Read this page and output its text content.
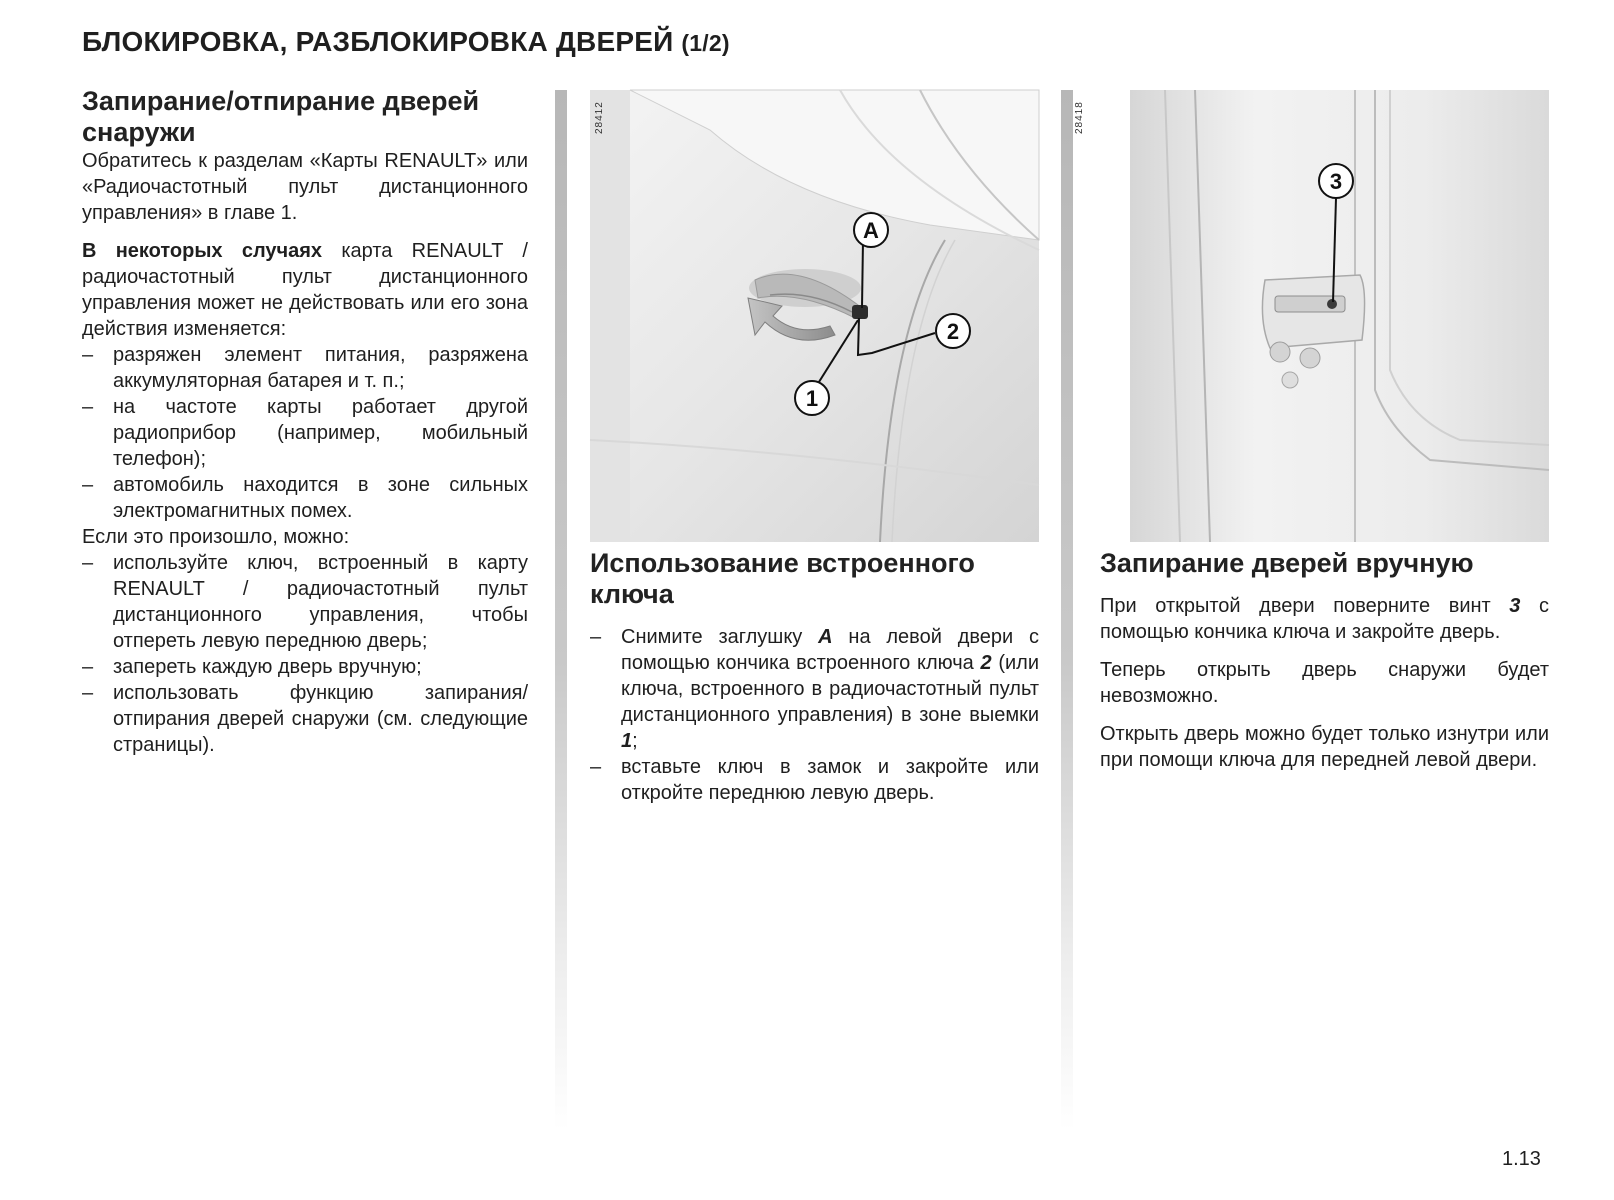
БЛОКИРОВКА, РАЗБЛОКИРОВКА ДВЕРЕЙ (1/2)
Запирание/отпирание дверей снаружи

Обратитесь к разделам «Карты RENAULT» или «Радиочастотный пульт дистанционного управления» в главе 1.

В некоторых случаях карта RENAULT / радиочастотный пульт дистанционного управления может не действовать или его зона действия изменяется:

– разряжен элемент питания, разряжена аккумуляторная батарея и т. п.;
– на частоте карты работает другой радиоприбор (например, мобильный телефон);
– автомобиль находится в зоне сильных электромагнитных помех.

Если это произошло, можно:

– используйте ключ, встроенный в карту RENAULT / радиочастотный пульт дистанционного управления, чтобы отпереть левую переднюю дверь;
– запереть каждую дверь вручную;
– использовать функцию запирания/отпирания дверей снаружи (см. следующие страницы).
A
2
1
28412
3
28418
Использование встроенного ключа
– Снимите заглушку A на левой двери с помощью кончика встроенного ключа 2 (или ключа, встроенного в радиочастотный пульт дистанционного управления) в зоне выемки 1;
– вставьте ключ в замок и закройте или откройте переднюю левую дверь.
Запирание дверей вручную

При открытой двери поверните винт 3 с помощью кончика ключа и закройте дверь.

Теперь открыть дверь снаружи будет невозможно.

Открыть дверь можно будет только изнутри или при помощи ключа для передней левой двери.

1.13
